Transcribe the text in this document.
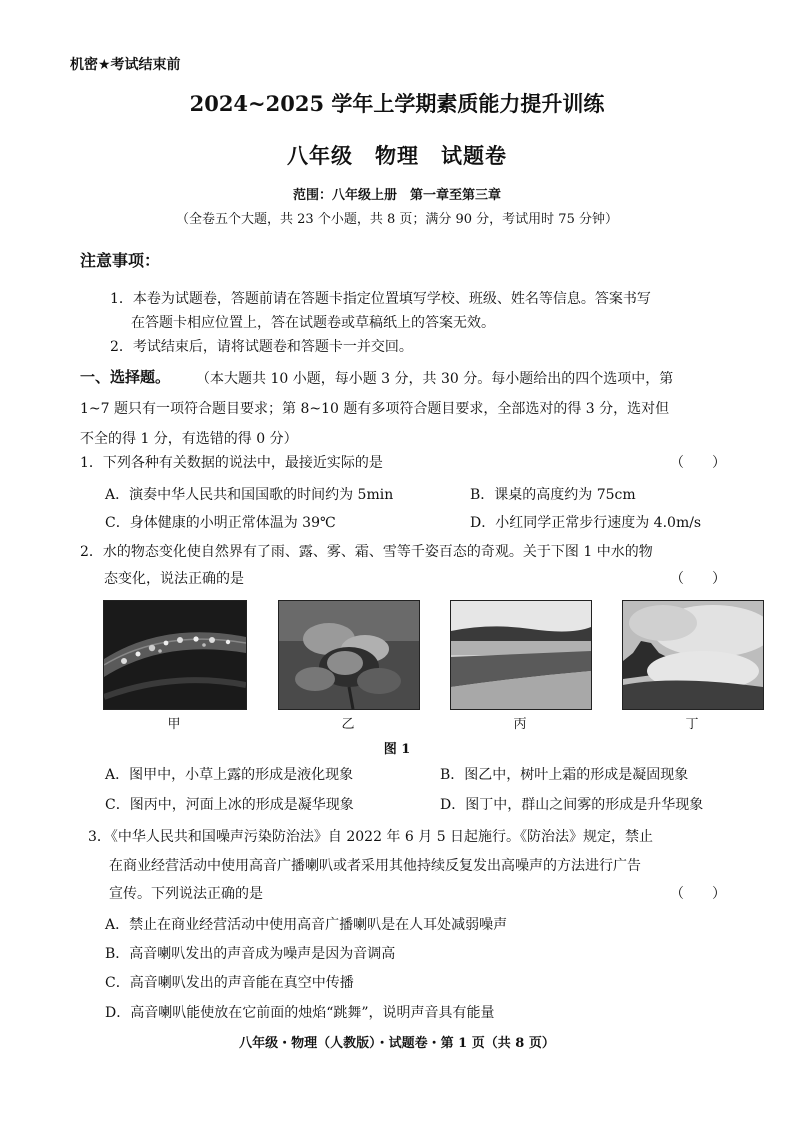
机密★考试结束前
2024~2025 学年上学期素质能力提升训练
八年级　物理　试题卷
范围：八年级上册　第一章至第三章
（全卷五个大题，共 23 个小题，共 8 页；满分 90 分，考试用时 75 分钟）
注意事项：
1．本卷为试题卷，答题前请在答题卡指定位置填写学校、班级、姓名等信息。答案书写
在答题卡相应位置上，答在试题卷或草稿纸上的答案无效。
2．考试结束后，请将试题卷和答题卡一并交回。
一、选择题。 （本大题共 10 小题，每小题 3 分，共 30 分。每小题给出的四个选项中，第
1~7 题只有一项符合题目要求；第 8~10 题有多项符合题目要求，全部选对的得 3 分，选对但
不全的得 1 分，有选错的得 0 分）
1．下列各种有关数据的说法中，最接近实际的是	（　　）
A．演奏中华人民共和国国歌的时间约为 5min	B．课桌的高度约为 75cm
C．身体健康的小明正常体温为 39℃	D．小红同学正常步行速度为 4.0m/s
2．水的物态变化使自然界有了雨、露、雾、霜、雪等千姿百态的奇观。关于下图 1 中水的物
态变化，说法正确的是	（　　）
甲	乙	丙	丁
图 1
A．图甲中，小草上露的形成是液化现象	B．图乙中，树叶上霜的形成是凝固现象
C．图丙中，河面上冰的形成是凝华现象	D．图丁中，群山之间雾的形成是升华现象
3．《中华人民共和国噪声污染防治法》自 2022 年 6 月 5 日起施行。《防治法》规定，禁止
在商业经营活动中使用高音广播喇叭或者采用其他持续反复发出高噪声的方法进行广告
宣传。下列说法正确的是	（　　）
A．禁止在商业经营活动中使用高音广播喇叭是在人耳处减弱噪声
B．高音喇叭发出的声音成为噪声是因为音调高
C．高音喇叭发出的声音能在真空中传播
D．高音喇叭能使放在它前面的烛焰“跳舞”，说明声音具有能量
八年级・物理（人教版）・试题卷・第 1 页（共 8 页）
